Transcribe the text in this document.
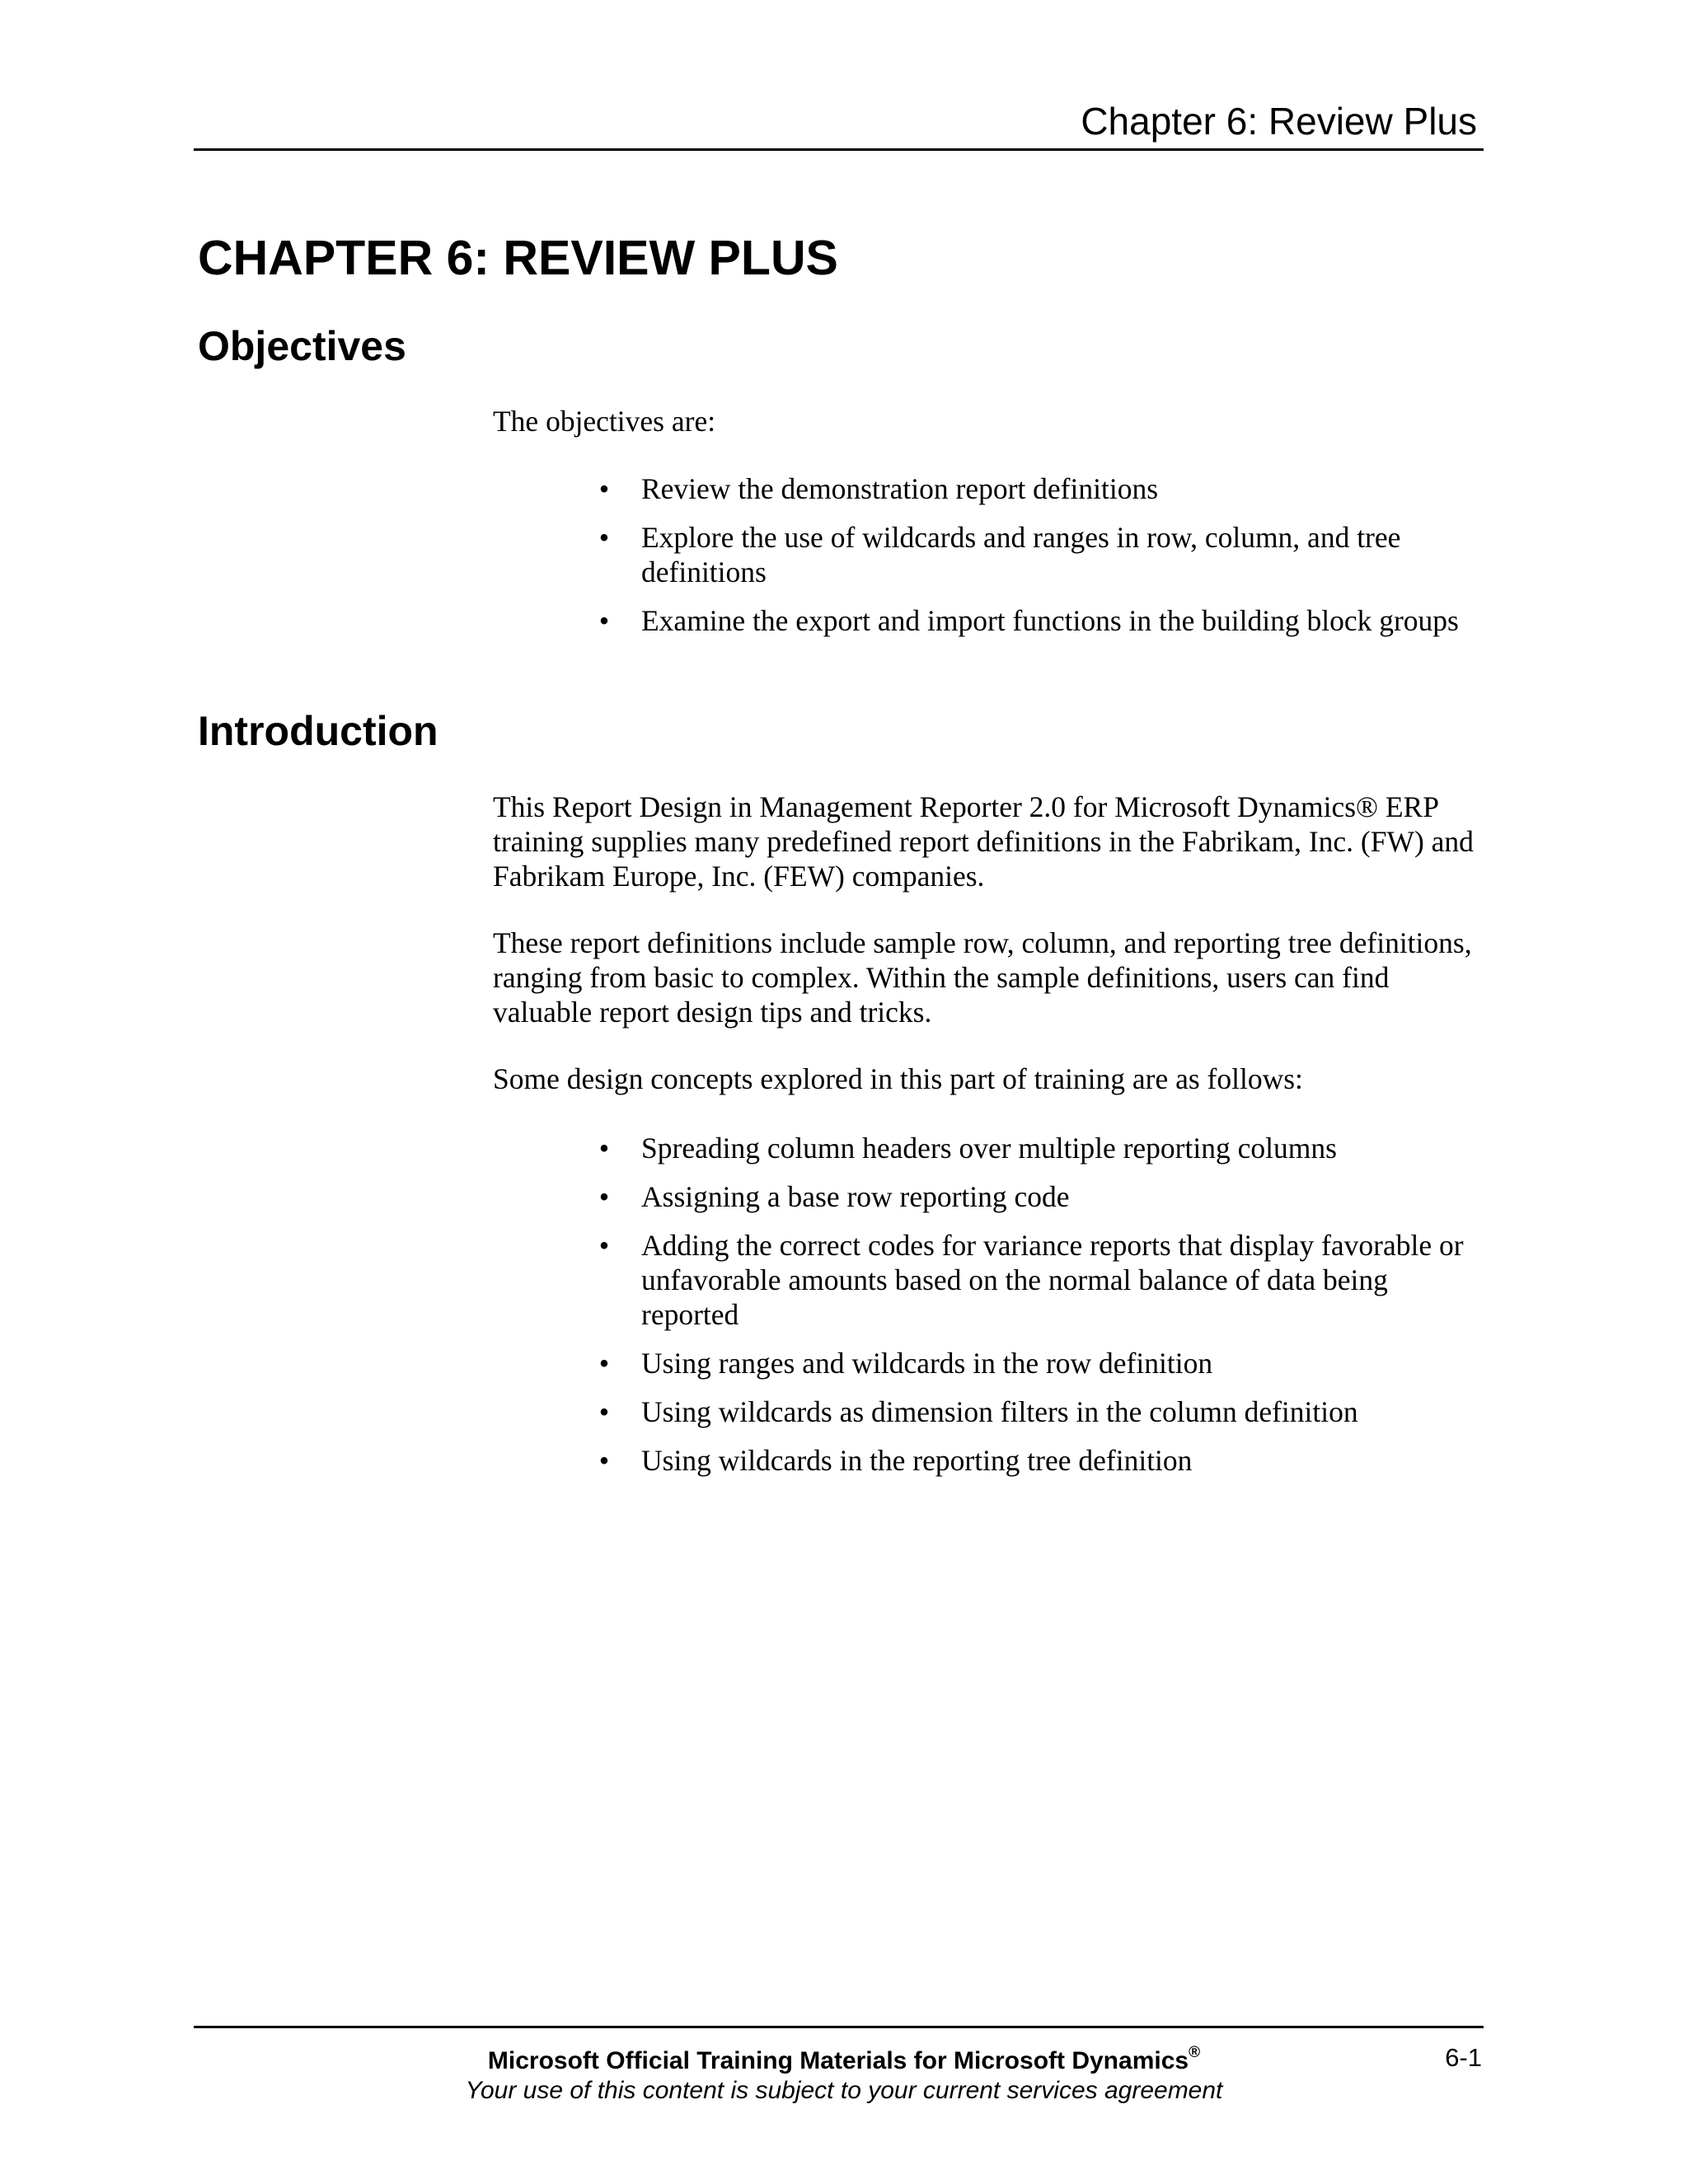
Chapter 6: Review Plus
CHAPTER 6: REVIEW PLUS
Objectives

The objectives are:

• Review the demonstration report definitions
• Explore the use of wildcards and ranges in row, column, and tree definitions
• Examine the export and import functions in the building block groups
Introduction

This Report Design in Management Reporter 2.0 for Microsoft Dynamics® ERP training supplies many predefined report definitions in the Fabrikam, Inc. (FW) and Fabrikam Europe, Inc. (FEW) companies.

These report definitions include sample row, column, and reporting tree definitions, ranging from basic to complex. Within the sample definitions, users can find valuable report design tips and tricks.

Some design concepts explored in this part of training are as follows:

• Spreading column headers over multiple reporting columns
• Assigning a base row reporting code
• Adding the correct codes for variance reports that display favorable or unfavorable amounts based on the normal balance of data being reported
• Using ranges and wildcards in the row definition
• Using wildcards as dimension filters in the column definition
• Using wildcards in the reporting tree definition
Microsoft Official Training Materials for Microsoft Dynamics®
Your use of this content is subject to your current services agreement
6-1
